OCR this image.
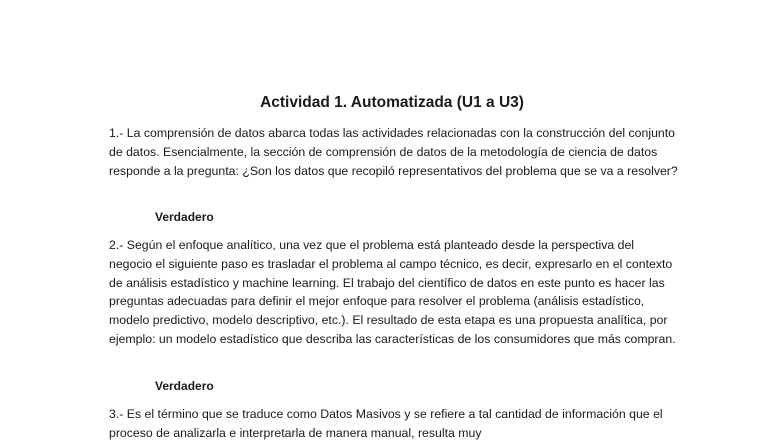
Actividad 1. Automatizada (U1 a U3)

1.- La comprensión de datos abarca todas las actividades relacionadas con la construcción del conjunto de datos. Esencialmente, la sección de comprensión de datos de la metodología de ciencia de datos responde a la pregunta: ¿Son los datos que recopiló representativos del problema que se va a resolver?

Verdadero

2.- Según el enfoque analítico, una vez que el problema está planteado desde la perspectiva del negocio el siguiente paso es trasladar el problema al campo técnico, es decir, expresarlo en el contexto de análisis estadístico y machine learning. El trabajo del científico de datos en este punto es hacer las preguntas adecuadas para definir el mejor enfoque para resolver el problema (análisis estadístico, modelo predictivo, modelo descriptivo, etc.). El resultado de esta etapa es una propuesta analítica, por ejemplo: un modelo estadístico que describa las características de los consumidores que más compran.

Verdadero

3.- Es el término que se traduce como Datos Masivos y se refiere a tal cantidad de información que el proceso de analizarla e interpretarla de manera manual, resulta muy
